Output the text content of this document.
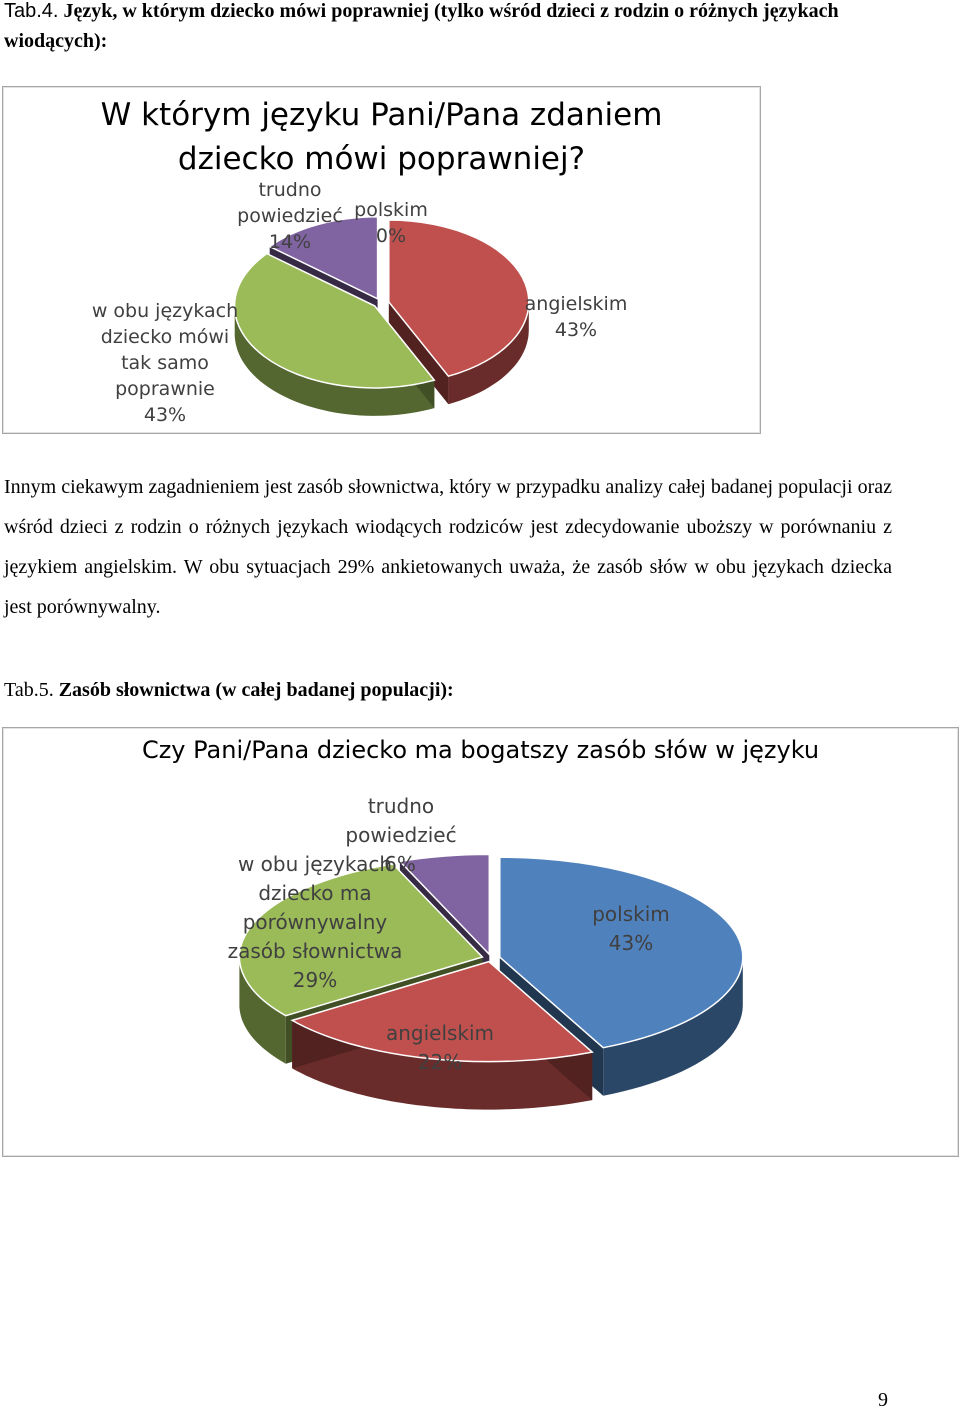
Tab.4. Język, w którym dziecko mówi poprawniej (tylko wśród dzieci z rodzin o różnych językach wiodących):

W którym języku Pani/Pana zdaniem
dziecko mówi poprawniej?
trudno
powiedzieć
14%
polskim
0%
angielskim
43%
w obu językach
dziecko mówi
tak samo
poprawnie
43%

Innym ciekawym zagadnieniem jest zasób słownictwa, który w przypadku analizy całej badanej populacji oraz wśród dzieci z rodzin o różnych językach wiodących rodziców jest zdecydowanie uboższy w porównaniu z językiem angielskim. W obu sytuacjach 29% ankietowanych uważa, że zasób słów w obu językach dziecka jest porównywalny.

Tab.5. Zasób słownictwa (w całej badanej populacji):

Czy Pani/Pana dziecko ma bogatszy zasób słów w języku
trudno
powiedzieć
6%
w obu językach
dziecko ma
porównywalny
zasób słownictwa
29%
polskim
43%
angielskim
22%
9
